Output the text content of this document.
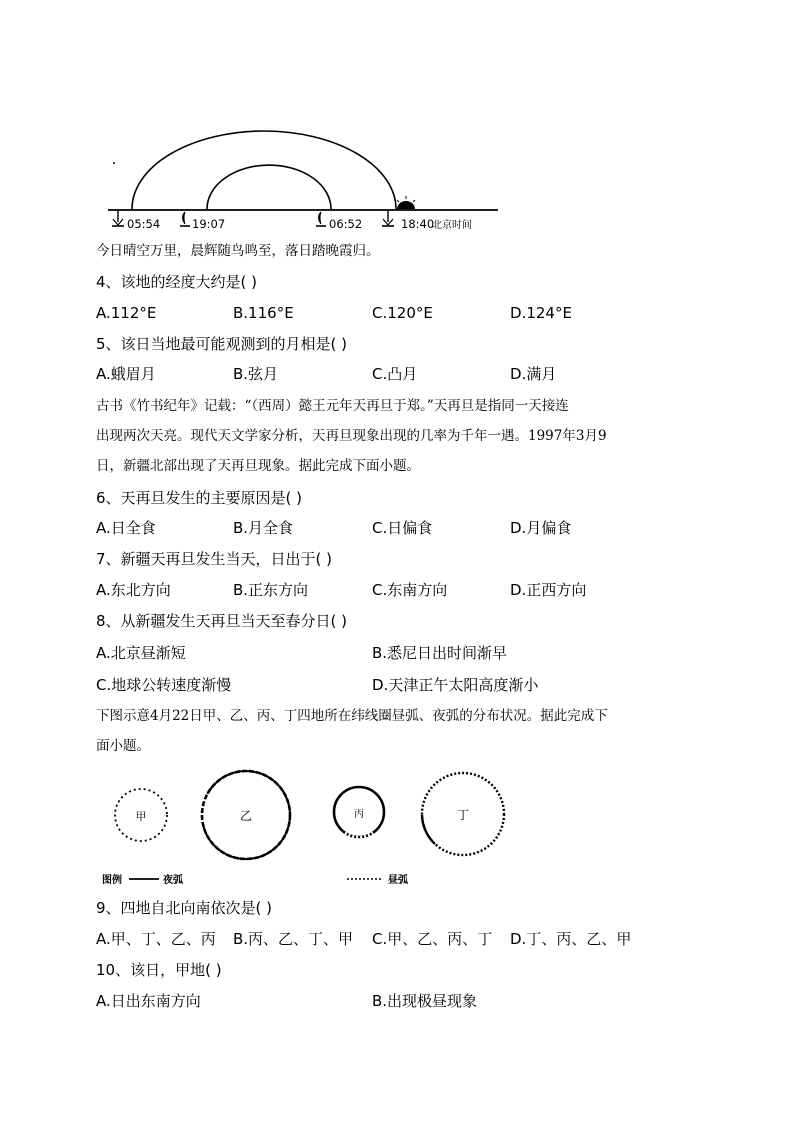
05:54	19:07	06:52	18:40
北京时间
今日晴空万里，晨辉随鸟鸣至，落日踏晚霞归。
4、该地的经度大约是( )
A.112°E	B.116°E	C.120°E	D.124°E
5、该日当地最可能观测到的月相是( )
A.蛾眉月	B.弦月	C.凸月	D.满月
古书《竹书纪年》记载：“（西周）懿王元年天再旦于郑。”天再旦是指同一天接连
出现两次天亮。现代天文学家分析，天再旦现象出现的几率为千年一遇。1997年3月9
日，新疆北部出现了天再旦现象。据此完成下面小题。
6、天再旦发生的主要原因是( )
A.日全食	B.月全食	C.日偏食	D.月偏食
7、新疆天再旦发生当天，日出于( )
A.东北方向	B.正东方向	C.东南方向	D.正西方向
8、从新疆发生天再旦当天至春分日( )
A.北京昼渐短	B.悉尼日出时间渐早
C.地球公转速度渐慢	D.天津正午太阳高度渐小
下图示意4月22日甲、乙、丙、丁四地所在纬线圈昼弧、夜弧的分布状况。据此完成下
面小题。
甲	乙	丙	丁
图例	夜弧	昼弧
9、四地自北向南依次是( )
A.甲、丁、乙、丙 B.丙、乙、丁、甲 C.甲、乙、丙、丁 D.丁、丙、乙、甲
10、该日，甲地( )
A.日出东南方向	B.出现极昼现象
